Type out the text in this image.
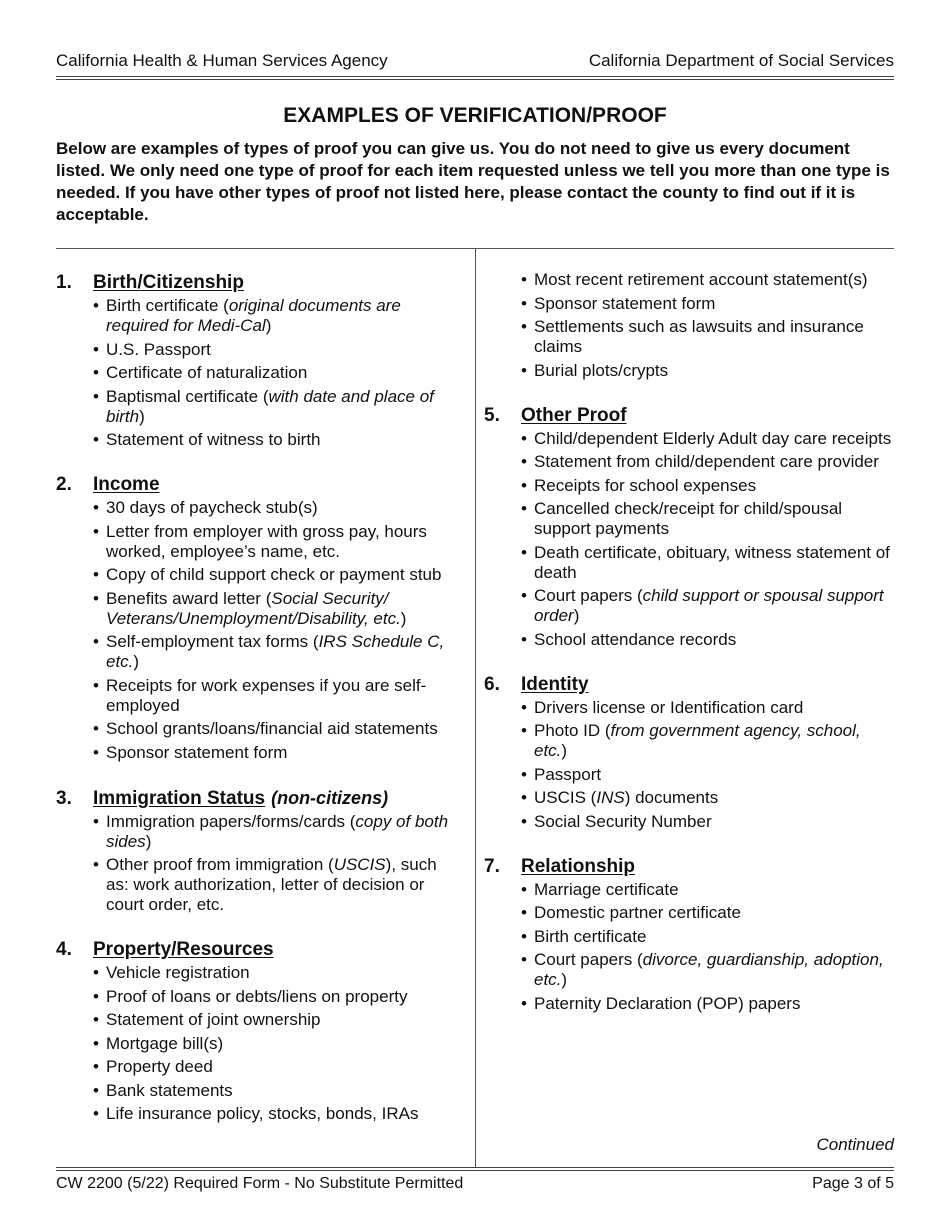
California Health & Human Services Agency	California Department of Social Services
EXAMPLES OF VERIFICATION/PROOF

Below are examples of types of proof you can give us. You do not need to give us every document listed. We only need one type of proof for each item requested unless we tell you more than one type is needed. If you have other types of proof not listed here, please contact the county to find out if it is acceptable.

1.	Birth/Citizenship
• Birth certificate (original documents are required for Medi-Cal)
• U.S. Passport
• Certificate of naturalization
• Baptismal certificate (with date and place of birth)
• Statement of witness to birth
2.	Income
• 30 days of paycheck stub(s)
• Letter from employer with gross pay, hours worked, employee’s name, etc.
• Copy of child support check or payment stub
• Benefits award letter (Social Security/ Veterans/Unemployment/Disability, etc.)
• Self-employment tax forms (IRS Schedule C, etc.)
• Receipts for work expenses if you are self-employed
• School grants/loans/financial aid statements
• Sponsor statement form
3.	Immigration Status (non-citizens)
• Immigration papers/forms/cards (copy of both sides)
• Other proof from immigration (USCIS), such as: work authorization, letter of decision or court order, etc.
4.	Property/Resources
• Vehicle registration
• Proof of loans or debts/liens on property
• Statement of joint ownership
• Mortgage bill(s)
• Property deed
• Bank statements
• Life insurance policy, stocks, bonds, IRAs
• Most recent retirement account statement(s)
• Sponsor statement form
• Settlements such as lawsuits and insurance claims
• Burial plots/crypts
5.	Other Proof
• Child/dependent Elderly Adult day care receipts
• Statement from child/dependent care provider
• Receipts for school expenses
• Cancelled check/receipt for child/spousal support payments
• Death certificate, obituary, witness statement of death
• Court papers (child support or spousal support order)
• School attendance records
6.	Identity
• Drivers license or Identification card
• Photo ID (from government agency, school, etc.)
• Passport
• USCIS (INS) documents
• Social Security Number
7.	Relationship
• Marriage certificate
• Domestic partner certificate
• Birth certificate
• Court papers (divorce, guardianship, adoption, etc.)
• Paternity Declaration (POP) papers
Continued
CW 2200 (5/22) Required Form - No Substitute Permitted	Page 3 of 5
